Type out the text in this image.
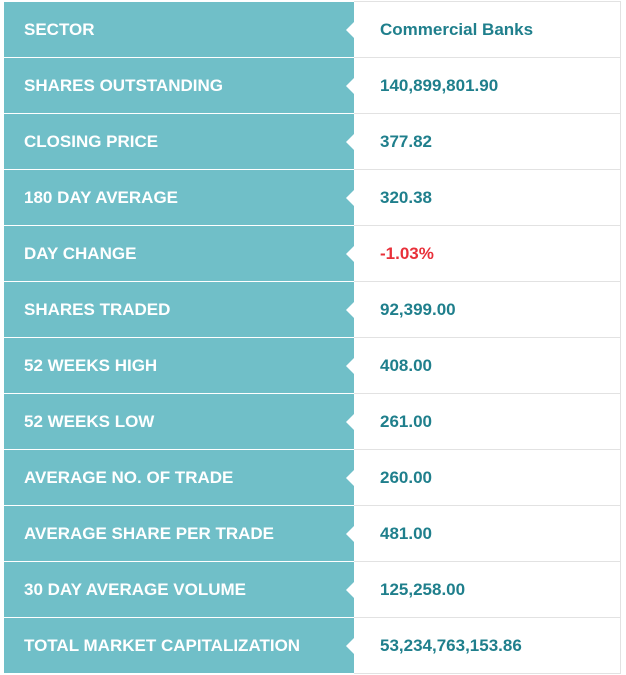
SECTOR	Commercial Banks
SHARES OUTSTANDING	140,899,801.90
CLOSING PRICE	377.82
180 DAY AVERAGE	320.38
DAY CHANGE	-1.03%
SHARES TRADED	92,399.00
52 WEEKS HIGH	408.00
52 WEEKS LOW	261.00
AVERAGE NO. OF TRADE	260.00
AVERAGE SHARE PER TRADE	481.00
30 DAY AVERAGE VOLUME	125,258.00
TOTAL MARKET CAPITALIZATION	53,234,763,153.86
